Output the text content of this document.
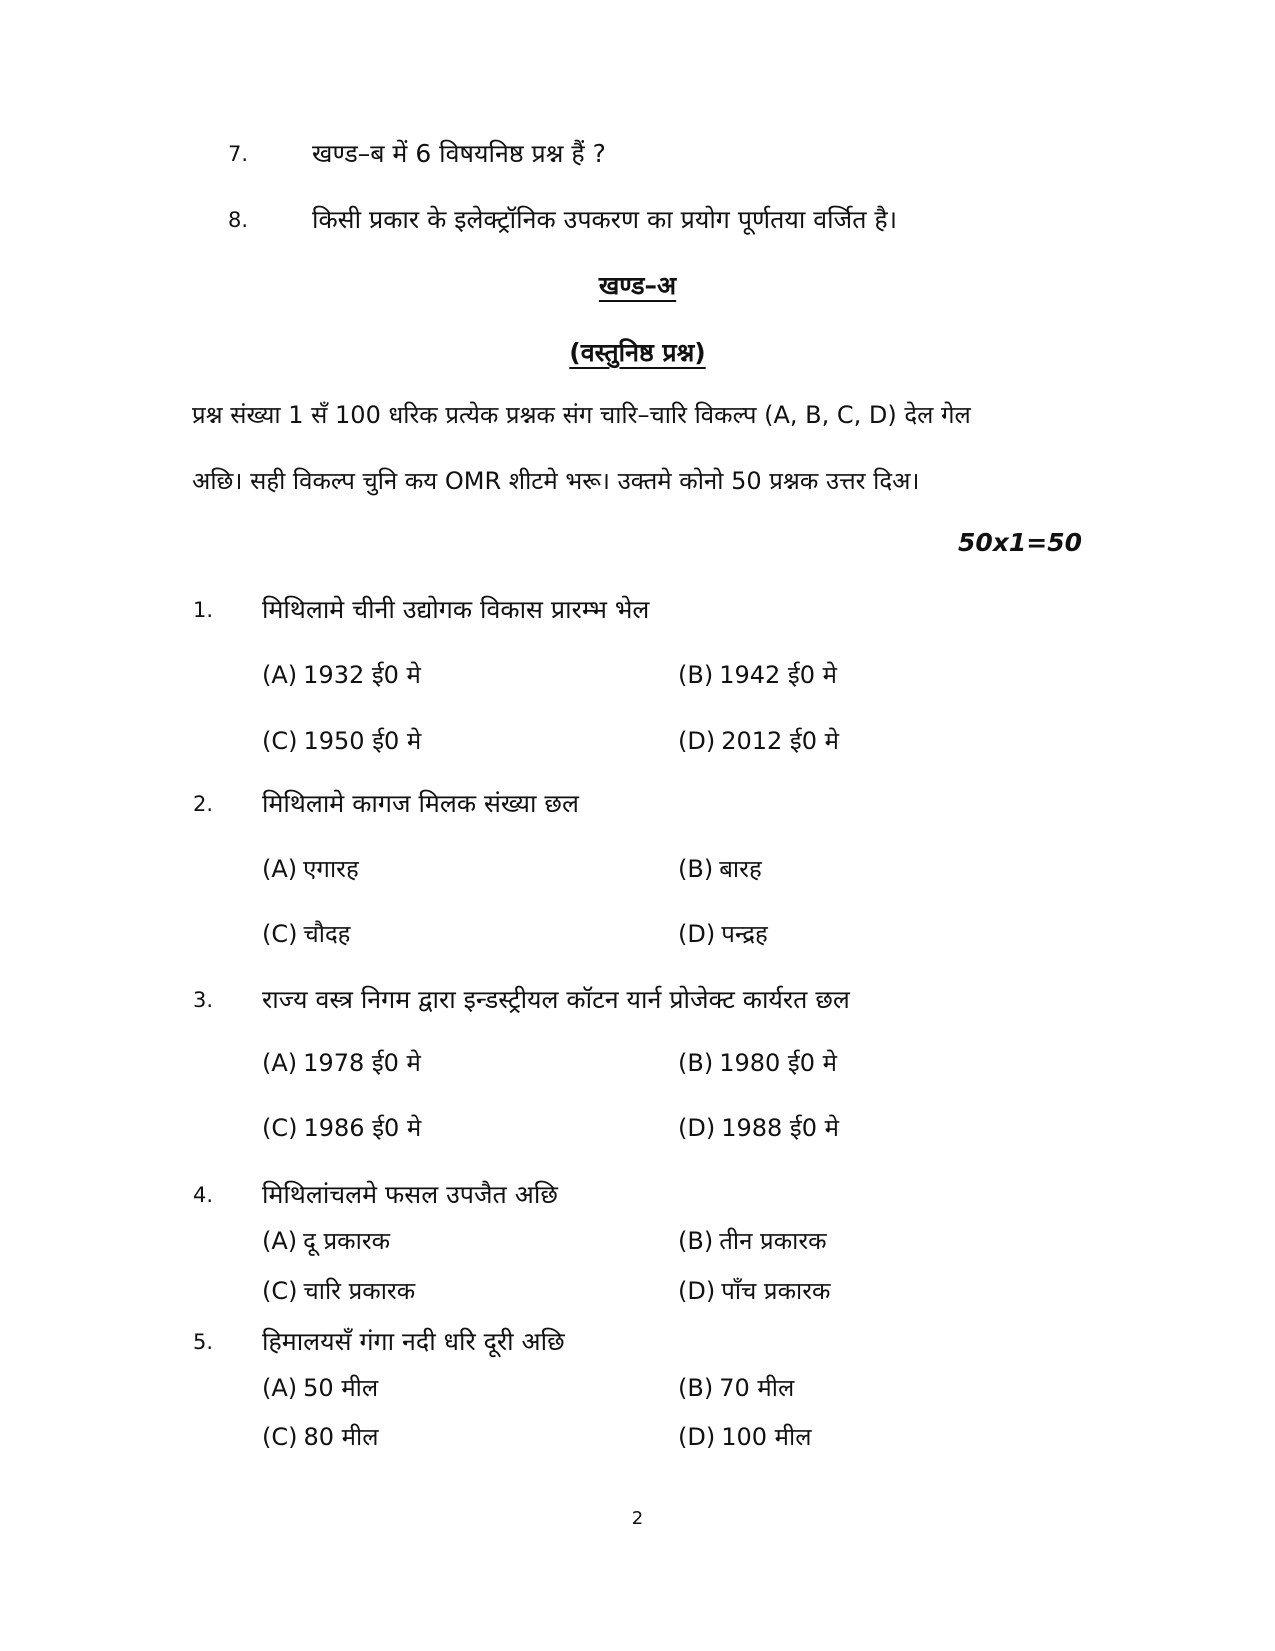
7.	खण्ड–ब में 6 विषयनिष्ठ प्रश्न हैं ?
8.	किसी प्रकार के इलेक्ट्रॉनिक उपकरण का प्रयोग पूर्णतया वर्जित है।
खण्ड–अ
(वस्तुनिष्ठ प्रश्न)
प्रश्न संख्या 1 सँ 100 धरिक प्रत्येक प्रश्नक संग चारि–चारि विकल्प (A, B, C, D) देल गेल
अछि। सही विकल्प चुनि कय OMR शीटमे भरू। उक्तमे कोनो 50 प्रश्नक उत्तर दिअ।
50x1=50
1. मिथिलामे चीनी उद्योगक विकास प्रारम्भ भेल
(A) 1932 ई0 मे	(B) 1942 ई0 मे
(C) 1950 ई0 मे	(D) 2012 ई0 मे
2. मिथिलामे कागज मिलक संख्या छल
(A) एगारह	(B) बारह
(C) चौदह	(D) पन्द्रह
3. राज्य वस्त्र निगम द्वारा इन्डस्ट्रीयल कॉटन यार्न प्रोजेक्ट कार्यरत छल
(A) 1978 ई0 मे	(B) 1980 ई0 मे
(C) 1986 ई0 मे	(D) 1988 ई0 मे
4. मिथिलांचलमे फसल उपजैत अछि
(A) दू प्रकारक	(B) तीन प्रकारक
(C) चारि प्रकारक	(D) पाँच प्रकारक
5. हिमालयसँ गंगा नदी धरि दूरी अछि
(A) 50 मील	(B) 70 मील
(C) 80 मील	(D) 100 मील
2
